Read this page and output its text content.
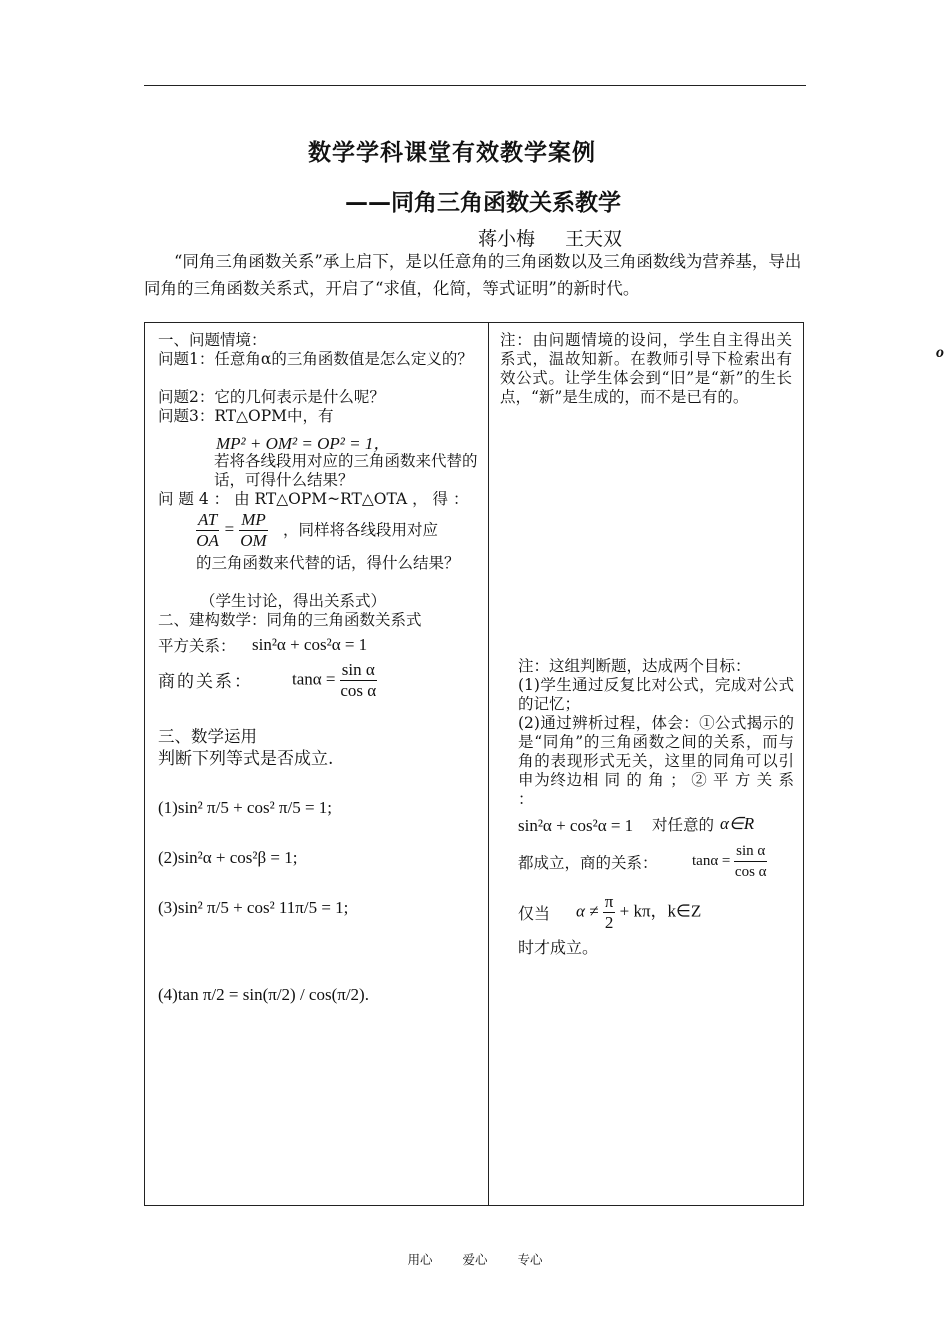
数学学科课堂有效教学案例
——同角三角函数关系教学
蒋小梅 王天双
“同角三角函数关系”承上启下，是以任意角的三角函数以及三角函数线为营养基，导出同角的三角函数关系式，开启了“求值，化简，等式证明”的新时代。
o
一、问题情境：
问题1：任意角α的三角函数值是怎么定义的？
问题2：它的几何表示是什么呢？
问题3：RT△OPM中，有
MP² + OM² = OP² = 1，
若将各线段用对应的三角函数来代替的话，可得什么结果？
问 题 4 ： 由 RT△OPM~RT△OTA ， 得 ：
$\frac{AT}{OA} = \frac{MP}{OM}$ ，同样将各线段用对应
的三角函数来代替的话，得什么结果？
（学生讨论，得出关系式）
二、建构数学：同角的三角函数关系式
平方关系： sin²α + cos²α = 1
商的关系： $\tan\alpha = \frac{\text{sin α}}{\text{cos α}}$
三、数学运用
判断下列等式是否成立.
(1)sin² π/5 + cos² π/5 = 1;
(2)sin²α + cos²β = 1;
(3)sin² π/5 + cos² 11π/5 = 1;
(4)tan π/2 = sin(π/2) / cos(π/2).
注：由问题情境的设问，学生自主得出关系式，温故知新。在教师引导下检索出有效公式。让学生体会到“旧”是“新”的生长点，“新”是生成的，而不是已有的。
注：这组判断题，达成两个目标：
(1)学生通过反复比对公式，完成对公式的记忆；
(2)通过辨析过程，体会：①公式揭示的是“同角”的三角函数之间的关系，而与角的表现形式无关，这里的同角可以引申为终边相 同 的 角 ； ② 平 方 关 系 ：
sin²α + cos²α = 1 对任意的 α∈R
都成立，商的关系： $\tan\alpha = \frac{\text{sin α}}{\text{cos α}}$
仅当 $\alpha \ne \frac{\pi}{2} + k\pi$，k∈Z
时才成立。
用心 爱心 专心
